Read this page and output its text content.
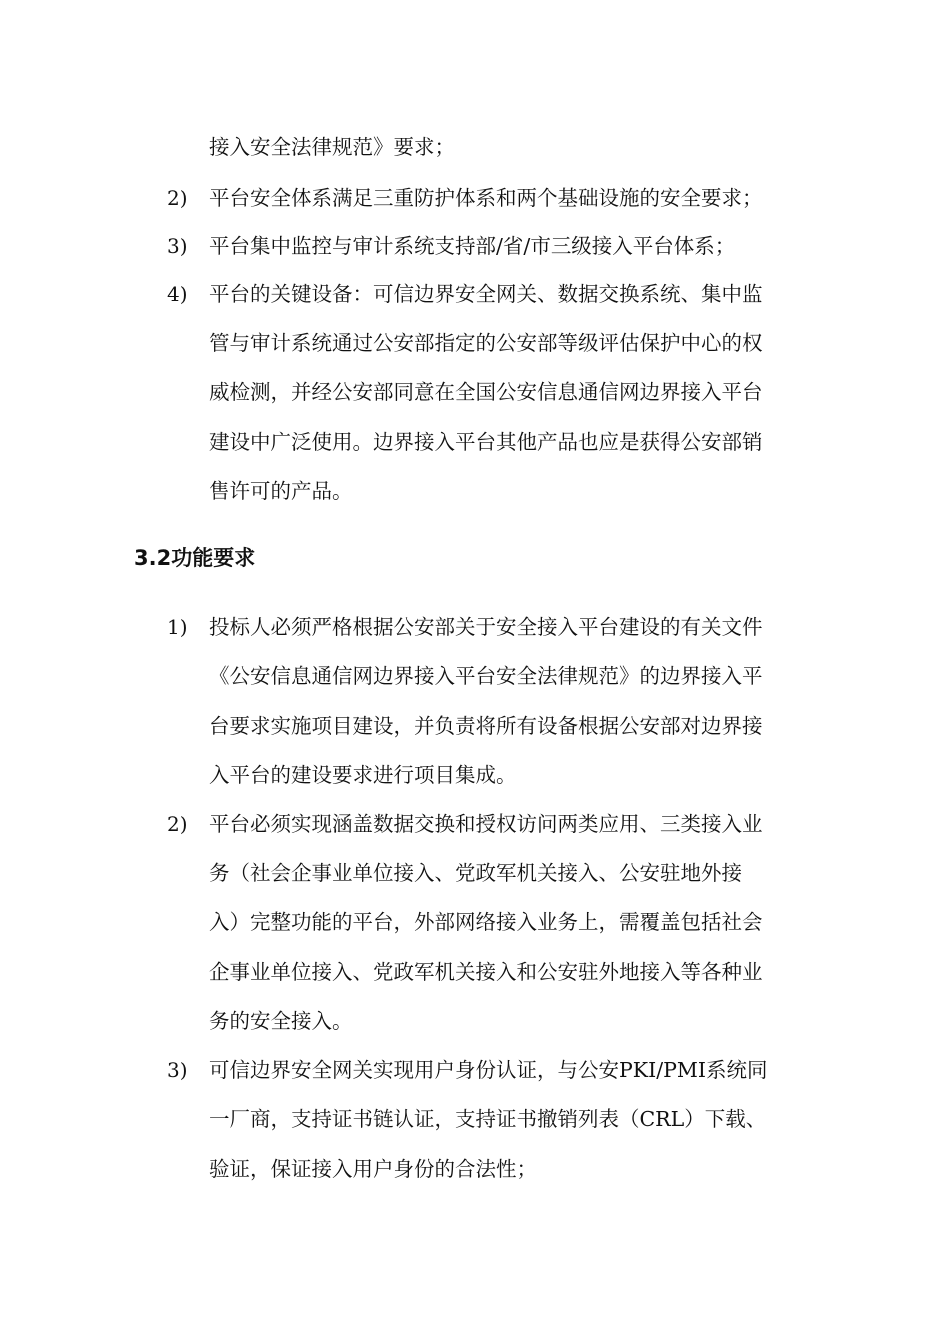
接入安全法律规范》要求；
2) 平台安全体系满足三重防护体系和两个基础设施的安全要求；
3) 平台集中监控与审计系统支持部/省/市三级接入平台体系；
4) 平台的关键设备：可信边界安全网关、数据交换系统、集中监
管与审计系统通过公安部指定的公安部等级评估保护中心的权
威检测，并经公安部同意在全国公安信息通信网边界接入平台
建设中广泛使用。边界接入平台其他产品也应是获得公安部销
售许可的产品。
3.2功能要求
1) 投标人必须严格根据公安部关于安全接入平台建设的有关文件
《公安信息通信网边界接入平台安全法律规范》的边界接入平
台要求实施项目建设，并负责将所有设备根据公安部对边界接
入平台的建设要求进行项目集成。
2) 平台必须实现涵盖数据交换和授权访问两类应用、三类接入业
务（社会企事业单位接入、党政军机关接入、公安驻地外接
入）完整功能的平台，外部网络接入业务上，需覆盖包括社会
企事业单位接入、党政军机关接入和公安驻外地接入等各种业
务的安全接入。
3) 可信边界安全网关实现用户身份认证，与公安PKI/PMI系统同
一厂商，支持证书链认证，支持证书撤销列表（CRL）下载、
验证，保证接入用户身份的合法性；
